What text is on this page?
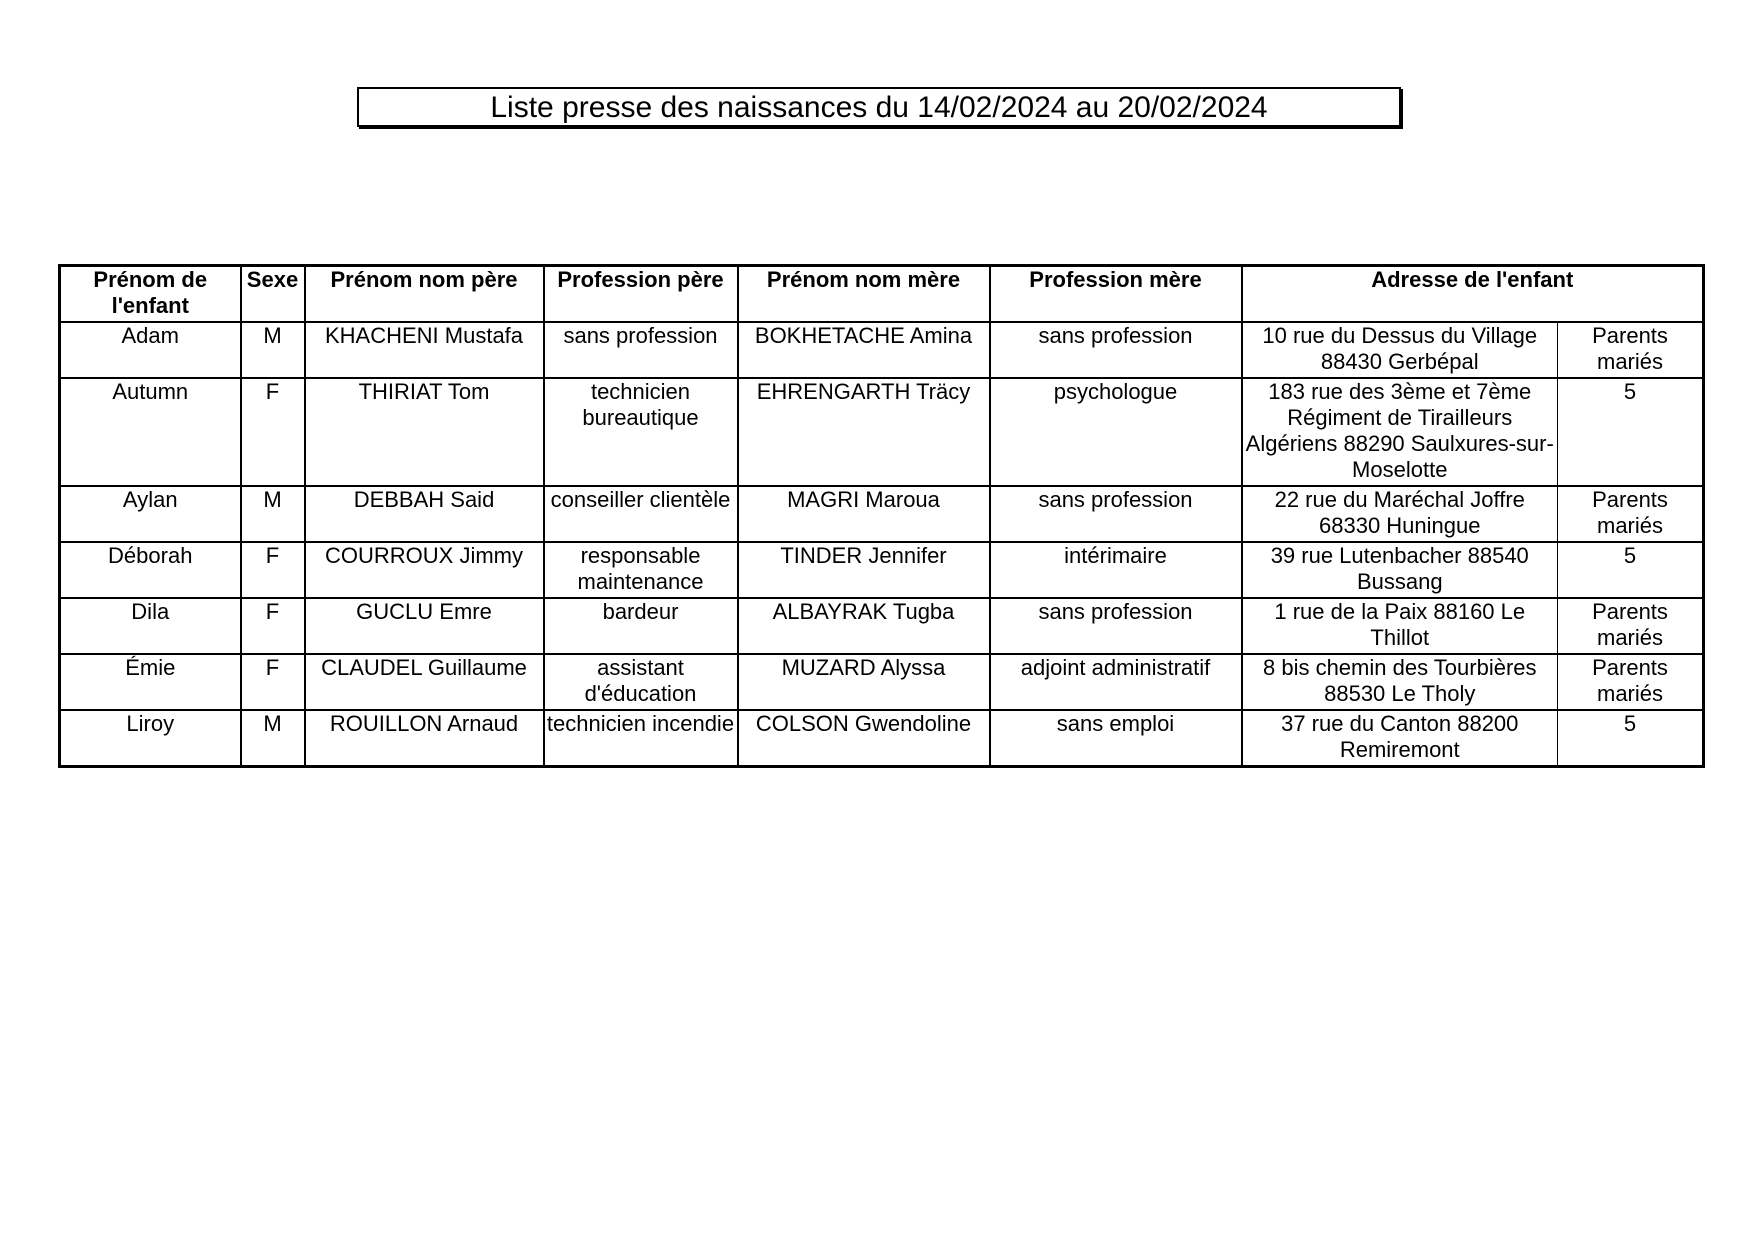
Liste presse des naissances du 14/02/2024 au 20/02/2024
Prénom de l'enfant	Sexe	Prénom nom père	Profession père	Prénom nom mère	Profession mère	Adresse de l'enfant	
Adam	M	KHACHENI Mustafa	sans profession	BOKHETACHE Amina	sans profession	10 rue du Dessus du Village 88430 Gerbépal	Parents mariés
Autumn	F	THIRIAT Tom	technicien bureautique	EHRENGARTH Träcy	psychologue	183 rue des 3ème et 7ème Régiment de Tirailleurs Algériens 88290 Saulxures-sur-Moselotte	5
Aylan	M	DEBBAH Said	conseiller clientèle	MAGRI Maroua	sans profession	22 rue du Maréchal Joffre 68330 Huningue	Parents mariés
Déborah	F	COURROUX Jimmy	responsable maintenance	TINDER Jennifer	intérimaire	39 rue Lutenbacher 88540 Bussang	5
Dila	F	GUCLU Emre	bardeur	ALBAYRAK Tugba	sans profession	1 rue de la Paix 88160 Le Thillot	Parents mariés
Émie	F	CLAUDEL Guillaume	assistant d'éducation	MUZARD Alyssa	adjoint administratif	8 bis chemin des Tourbières 88530 Le Tholy	Parents mariés
Liroy	M	ROUILLON Arnaud	technicien incendie	COLSON Gwendoline	sans emploi	37 rue du Canton 88200 Remiremont	5
